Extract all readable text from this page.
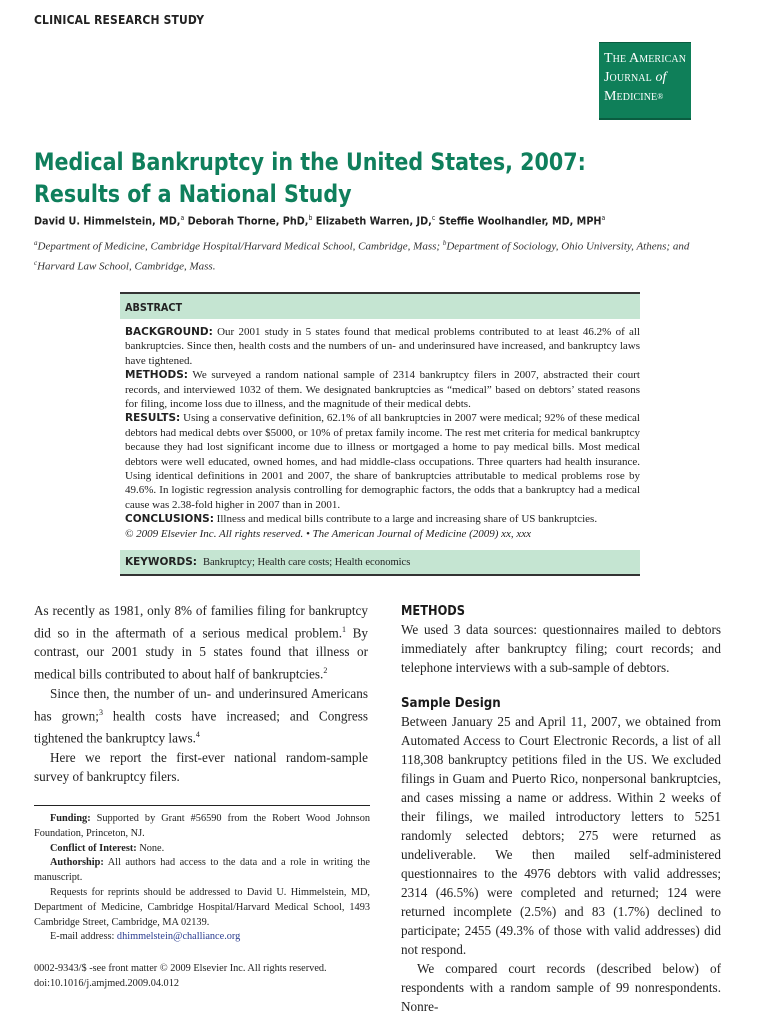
CLINICAL RESEARCH STUDY
The American
Journal of
Medicine®
Medical Bankruptcy in the United States, 2007:
Results of a National Study
David U. Himmelstein, MD,$^a$ Deborah Thorne, PhD,$^b$ Elizabeth Warren, JD,$^c$ Steffie Woolhandler, MD, MPH$^a$
$^a$Department of Medicine, Cambridge Hospital/Harvard Medical School, Cambridge, Mass; $^b$Department of Sociology, Ohio University, Athens; and $^c$Harvard Law School, Cambridge, Mass.
ABSTRACT

BACKGROUND: Our 2001 study in 5 states found that medical problems contributed to at least 46.2% of all bankruptcies. Since then, health costs and the numbers of un- and underinsured have increased, and bankruptcy laws have tightened.

METHODS: We surveyed a random national sample of 2314 bankruptcy filers in 2007, abstracted their court records, and interviewed 1032 of them. We designated bankruptcies as “medical” based on debtors’ stated reasons for filing, income loss due to illness, and the magnitude of their medical debts.

RESULTS: Using a conservative definition, 62.1% of all bankruptcies in 2007 were medical; 92% of these medical debtors had medical debts over $5000, or 10% of pretax family income. The rest met criteria for medical bankruptcy because they had lost significant income due to illness or mortgaged a home to pay medical bills. Most medical debtors were well educated, owned homes, and had middle-class occupations. Three quarters had health insurance. Using identical definitions in 2001 and 2007, the share of bankruptcies attributable to medical problems rose by 49.6%. In logistic regression analysis controlling for demographic factors, the odds that a bankruptcy had a medical cause was 2.38-fold higher in 2007 than in 2001.

CONCLUSIONS: Illness and medical bills contribute to a large and increasing share of US bankruptcies.

© 2009 Elsevier Inc. All rights reserved. • The American Journal of Medicine (2009) xx, xxx

KEYWORDS: Bankruptcy; Health care costs; Health economics

As recently as 1981, only 8% of families filing for bankruptcy did so in the aftermath of a serious medical problem.$^1$ By contrast, our 2001 study in 5 states found that illness or medical bills contributed to about half of bankruptcies.$^2$

Since then, the number of un- and underinsured Americans has grown;$^3$ health costs have increased; and Congress tightened the bankruptcy laws.$^4$

Here we report the first-ever national random-sample survey of bankruptcy filers.

Funding: Supported by Grant #56590 from the Robert Wood Johnson Foundation, Princeton, NJ.

Conflict of Interest: None.

Authorship: All authors had access to the data and a role in writing the manuscript.

Requests for reprints should be addressed to David U. Himmelstein, MD, Department of Medicine, Cambridge Hospital/Harvard Medical School, 1493 Cambridge Street, Cambridge, MA 02139.

E-mail address: dhimmelstein@challiance.org

0002-9343/$ -see front matter © 2009 Elsevier Inc. All rights reserved.
doi:10.1016/j.amjmed.2009.04.012
METHODS

We used 3 data sources: questionnaires mailed to debtors immediately after bankruptcy filing; court records; and telephone interviews with a sub-sample of debtors.

Sample Design

Between January 25 and April 11, 2007, we obtained from Automated Access to Court Electronic Records, a list of all 118,308 bankruptcy petitions filed in the US. We excluded filings in Guam and Puerto Rico, nonpersonal bankruptcies, and cases missing a name or address. Within 2 weeks of their filings, we mailed introductory letters to 5251 randomly selected debtors; 275 were returned as undeliverable. We then mailed self-administered questionnaires to the 4976 debtors with valid addresses; 2314 (46.5%) were completed and returned; 124 were returned incomplete (2.5%) and 83 (1.7%) declined to participate; 2455 (49.3% of those with valid addresses) did not respond.

We compared court records (described below) of respondents with a random sample of 99 nonrespondents. Nonre-
